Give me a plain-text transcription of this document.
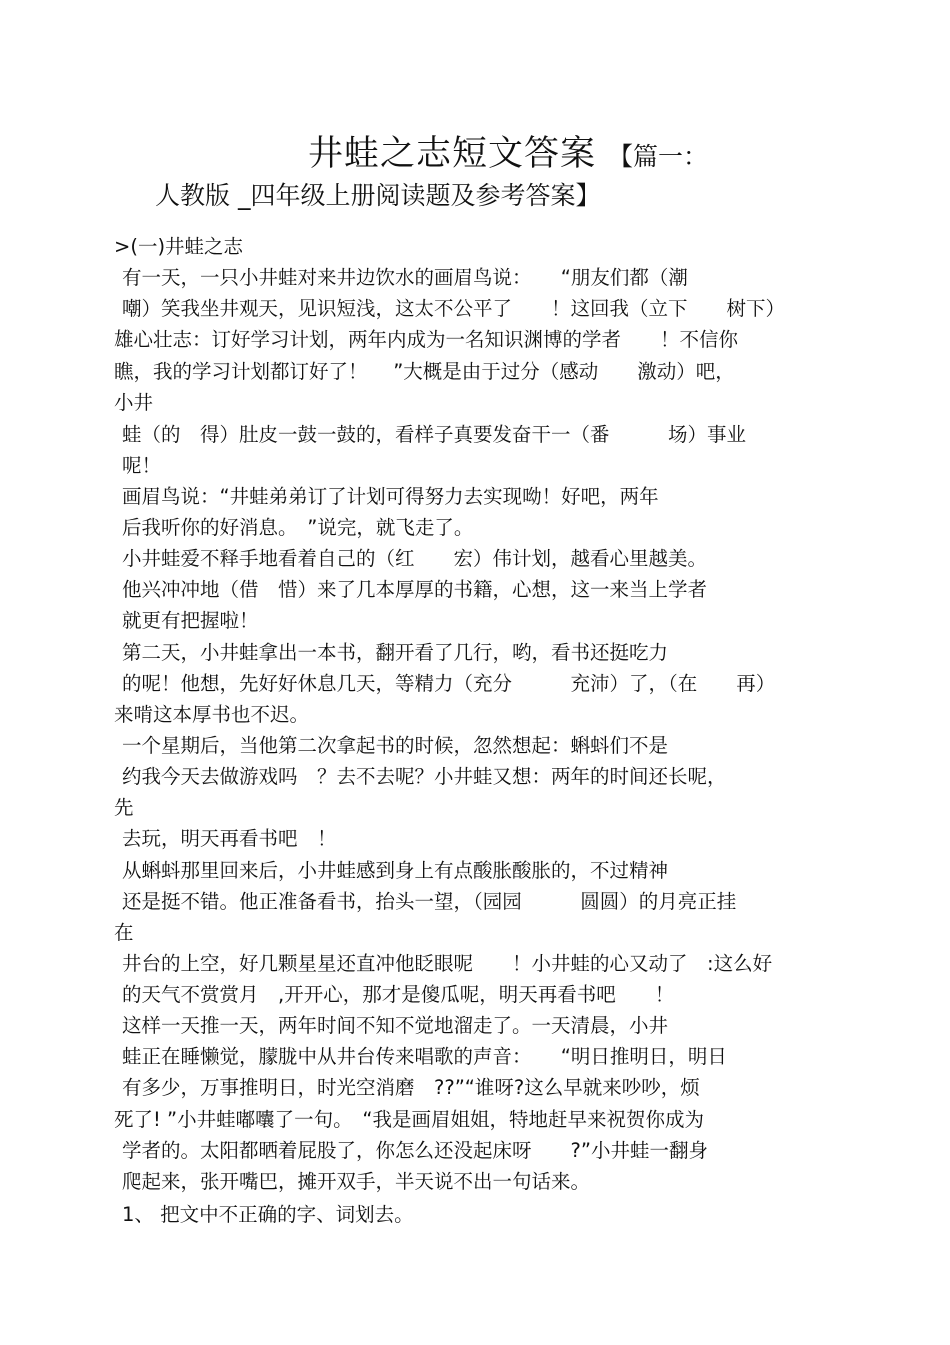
井蛙之志短文答案 【篇一：
人教版 _四年级上册阅读题及参考答案】
>(一)井蛙之志
有一天，一只小井蛙对来井边饮水的画眉鸟说：　　“朋友们都（潮
嘲）笑我坐井观天，见识短浅，这太不公平了　　！这回我（立下　　树下）
雄心壮志：订好学习计划，两年内成为一名知识渊博的学者　　！不信你
瞧，我的学习计划都订好了！　 ”大概是由于过分（感动　　激动）吧，
小井
蛙（的　得）肚皮一鼓一鼓的，看样子真要发奋干一（番　　　场）事业
呢！
画眉鸟说：“井蛙弟弟订了计划可得努力去实现呦！好吧，两年
后我听你的好消息。　”说完，就飞走了。
小井蛙爱不释手地看着自己的（红　　宏）伟计划，越看心里越美。
他兴冲冲地（借　惜）来了几本厚厚的书籍，心想，这一来当上学者
就更有把握啦！
第二天，小井蛙拿出一本书，翻开看了几行，哟，看书还挺吃力
的呢！他想，先好好休息几天，等精力（充分　　　充沛）了，（在　　再）
来啃这本厚书也不迟。
一个星期后，当他第二次拿起书的时候，忽然想起：蝌蚪们不是
约我今天去做游戏吗　？去不去呢？小井蛙又想：两年的时间还长呢，
先
去玩，明天再看书吧　！
从蝌蚪那里回来后，小井蛙感到身上有点酸胀酸胀的，不过精神
还是挺不错。他正准备看书，抬头一望，（园园　　　圆圆）的月亮正挂
在
井台的上空，好几颗星星还直冲他眨眼呢　　！小井蛙的心又动了　:这么好
的天气不赏赏月　,开开心，那才是傻瓜呢，明天再看书吧　　！
这样一天推一天，两年时间不知不觉地溜走了。一天清晨，小井
蛙正在睡懒觉，朦胧中从井台传来唱歌的声音：　　“明日推明日，明日
有多少，万事推明日，时光空消磨　??”“谁呀?这么早就来吵吵，烦
死了! ”小井蛙嘟囔了一句。　“我是画眉姐姐，特地赶早来祝贺你成为
学者的。太阳都晒着屁股了，你怎么还没起床呀　　?”小井蛙一翻身
爬起来，张开嘴巴，摊开双手，半天说不出一句话来。
1、 把文中不正确的字、词划去。
